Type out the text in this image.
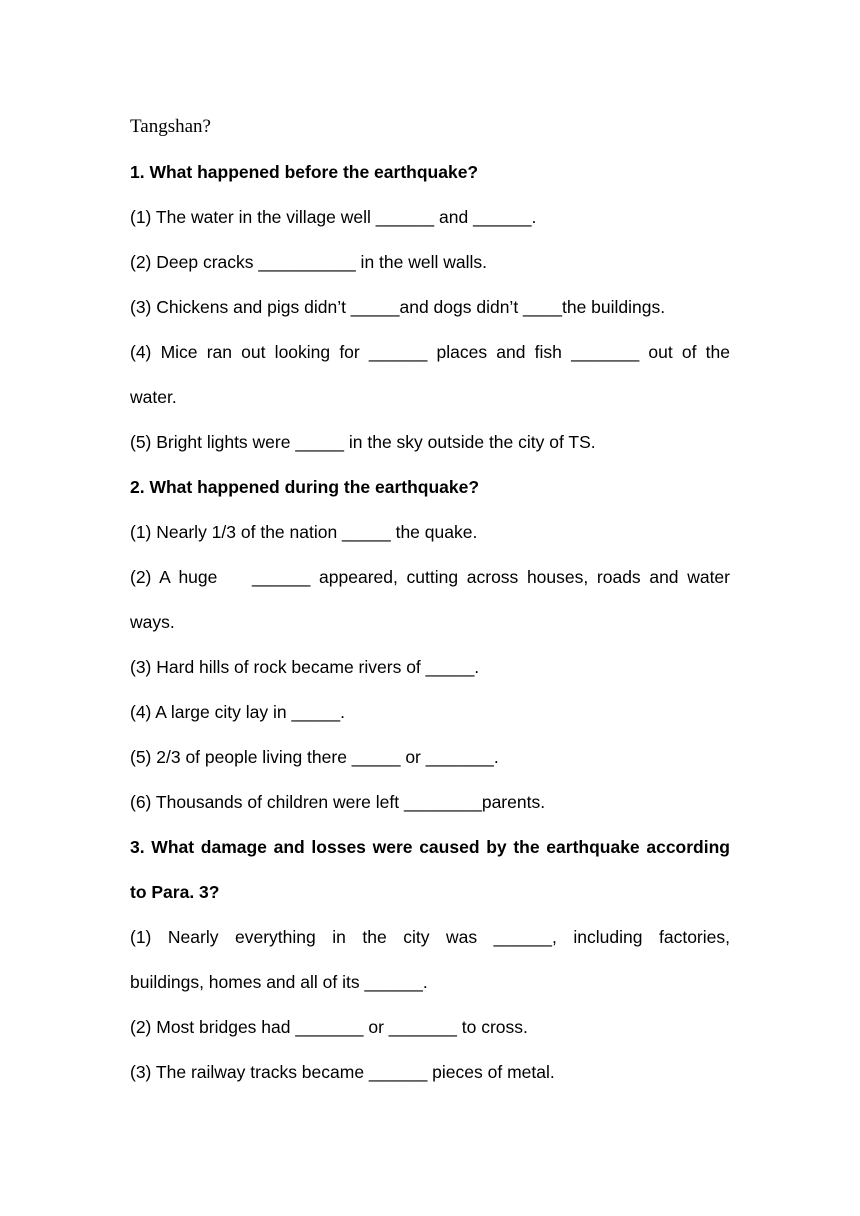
Tangshan?
1. What happened before the earthquake?
(1) The water in the village well ______ and ______.
(2) Deep cracks __________ in the well walls.
(3) Chickens and pigs didn’t _____and dogs didn’t ____the buildings.
(4) Mice ran out looking for ______ places and fish _______ out of the
water.
(5) Bright lights were _____ in the sky outside the city of TS.
2. What happened during the earthquake?
(1) Nearly 1/3 of the nation _____ the quake.
(2) A huge    ______ appeared, cutting across houses, roads and water
ways.
(3) Hard hills of rock became rivers of _____.
(4) A large city lay in _____.
(5) 2/3 of people living there _____ or _______.
(6) Thousands of children were left ________parents.
3. What damage and losses were caused by the earthquake according
to Para. 3?
(1) Nearly everything in the city was ______, including factories,
buildings, homes and all of its ______.
(2) Most bridges had _______ or _______ to cross.
(3) The railway tracks became ______ pieces of metal.
